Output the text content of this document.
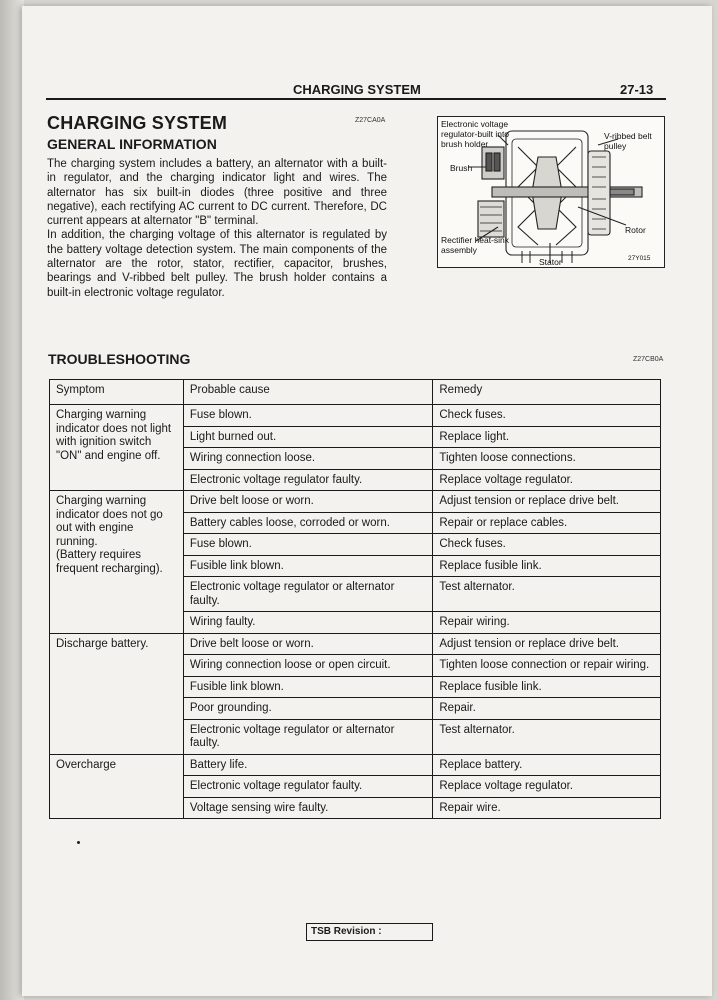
CHARGING SYSTEM	27-13
CHARGING SYSTEM	Z27CA0A
GENERAL INFORMATION

The charging system includes a battery, an alternator with a built-in regulator, and the charging indicator light and wires. The alternator has six built-in diodes (three positive and three negative), each rectifying AC current to DC current. Therefore, DC current appears at alternator "B" terminal.

In addition, the charging voltage of this alternator is regulated by the battery voltage detection system. The main components of the alternator are the rotor, stator, rectifier, capacitor, brushes, bearings and V-ribbed belt pulley. The brush holder contains a built-in electronic voltage regulator.

Electronic voltage
regulator-built into
brush holder
V-ribbed belt
pulley
Brush
Rotor
Rectifier heat-sink
assembly
Stator	27Y015
TROUBLESHOOTING	Z27CB0A
Symptom	Probable cause	Remedy
Charging warning indicator does not light with ignition switch "ON" and engine off.	Fuse blown.	Check fuses.
	Light burned out.	Replace light.
	Wiring connection loose.	Tighten loose connections.
	Electronic voltage regulator faulty.	Replace voltage regulator.
Charging warning indicator does not go out with engine running.
(Battery requires frequent recharging).	Drive belt loose or worn.	Adjust tension or replace drive belt.
	Battery cables loose, corroded or worn.	Repair or replace cables.
	Fuse blown.	Check fuses.
	Fusible link blown.	Replace fusible link.
	Electronic voltage regulator or alternator faulty.	Test alternator.
	Wiring faulty.	Repair wiring.
Discharge battery.	Drive belt loose or worn.	Adjust tension or replace drive belt.
	Wiring connection loose or open circuit.	Tighten loose connection or repair wiring.
	Fusible link blown.	Replace fusible link.
	Poor grounding.	Repair.
	Electronic voltage regulator or alternator faulty.	Test alternator.
Overcharge	Battery life.	Replace battery.
	Electronic voltage regulator faulty.	Replace voltage regulator.
	Voltage sensing wire faulty.	Repair wire.
TSB Revision :
